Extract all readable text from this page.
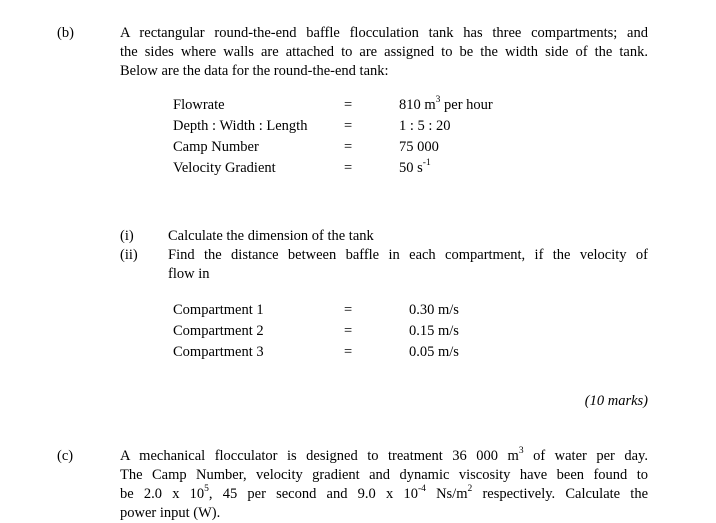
(b)	A rectangular round-the-end baffle flocculation tank has three compartments; and
the sides where walls are attached to are assigned to be the width side of the tank.
Below are the data for the round-the-end tank:
Flowrate	=	810 $m^3$ per hour
Depth : Width : Length	=	1 : 5 : 20
Camp Number	=	75 000
Velocity Gradient	=	50 $s^{-1}$
(i) Calculate the dimension of the tank
(ii) Find the distance between baffle in each compartment, if the velocity of
flow in
Compartment 1	=	0.30 m/s
Compartment 2	=	0.15 m/s
Compartment 3	=	0.05 m/s
(10 marks)
(c)	A mechanical flocculator is designed to treatment 36 000 $m^3$ of water per day.
The Camp Number, velocity gradient and dynamic viscosity have been found to
be 2.0 x $10^5$, 45 per second and 9.0 x $10^{-4}$ $Ns/m^2$ respectively. Calculate the
power input (W).
